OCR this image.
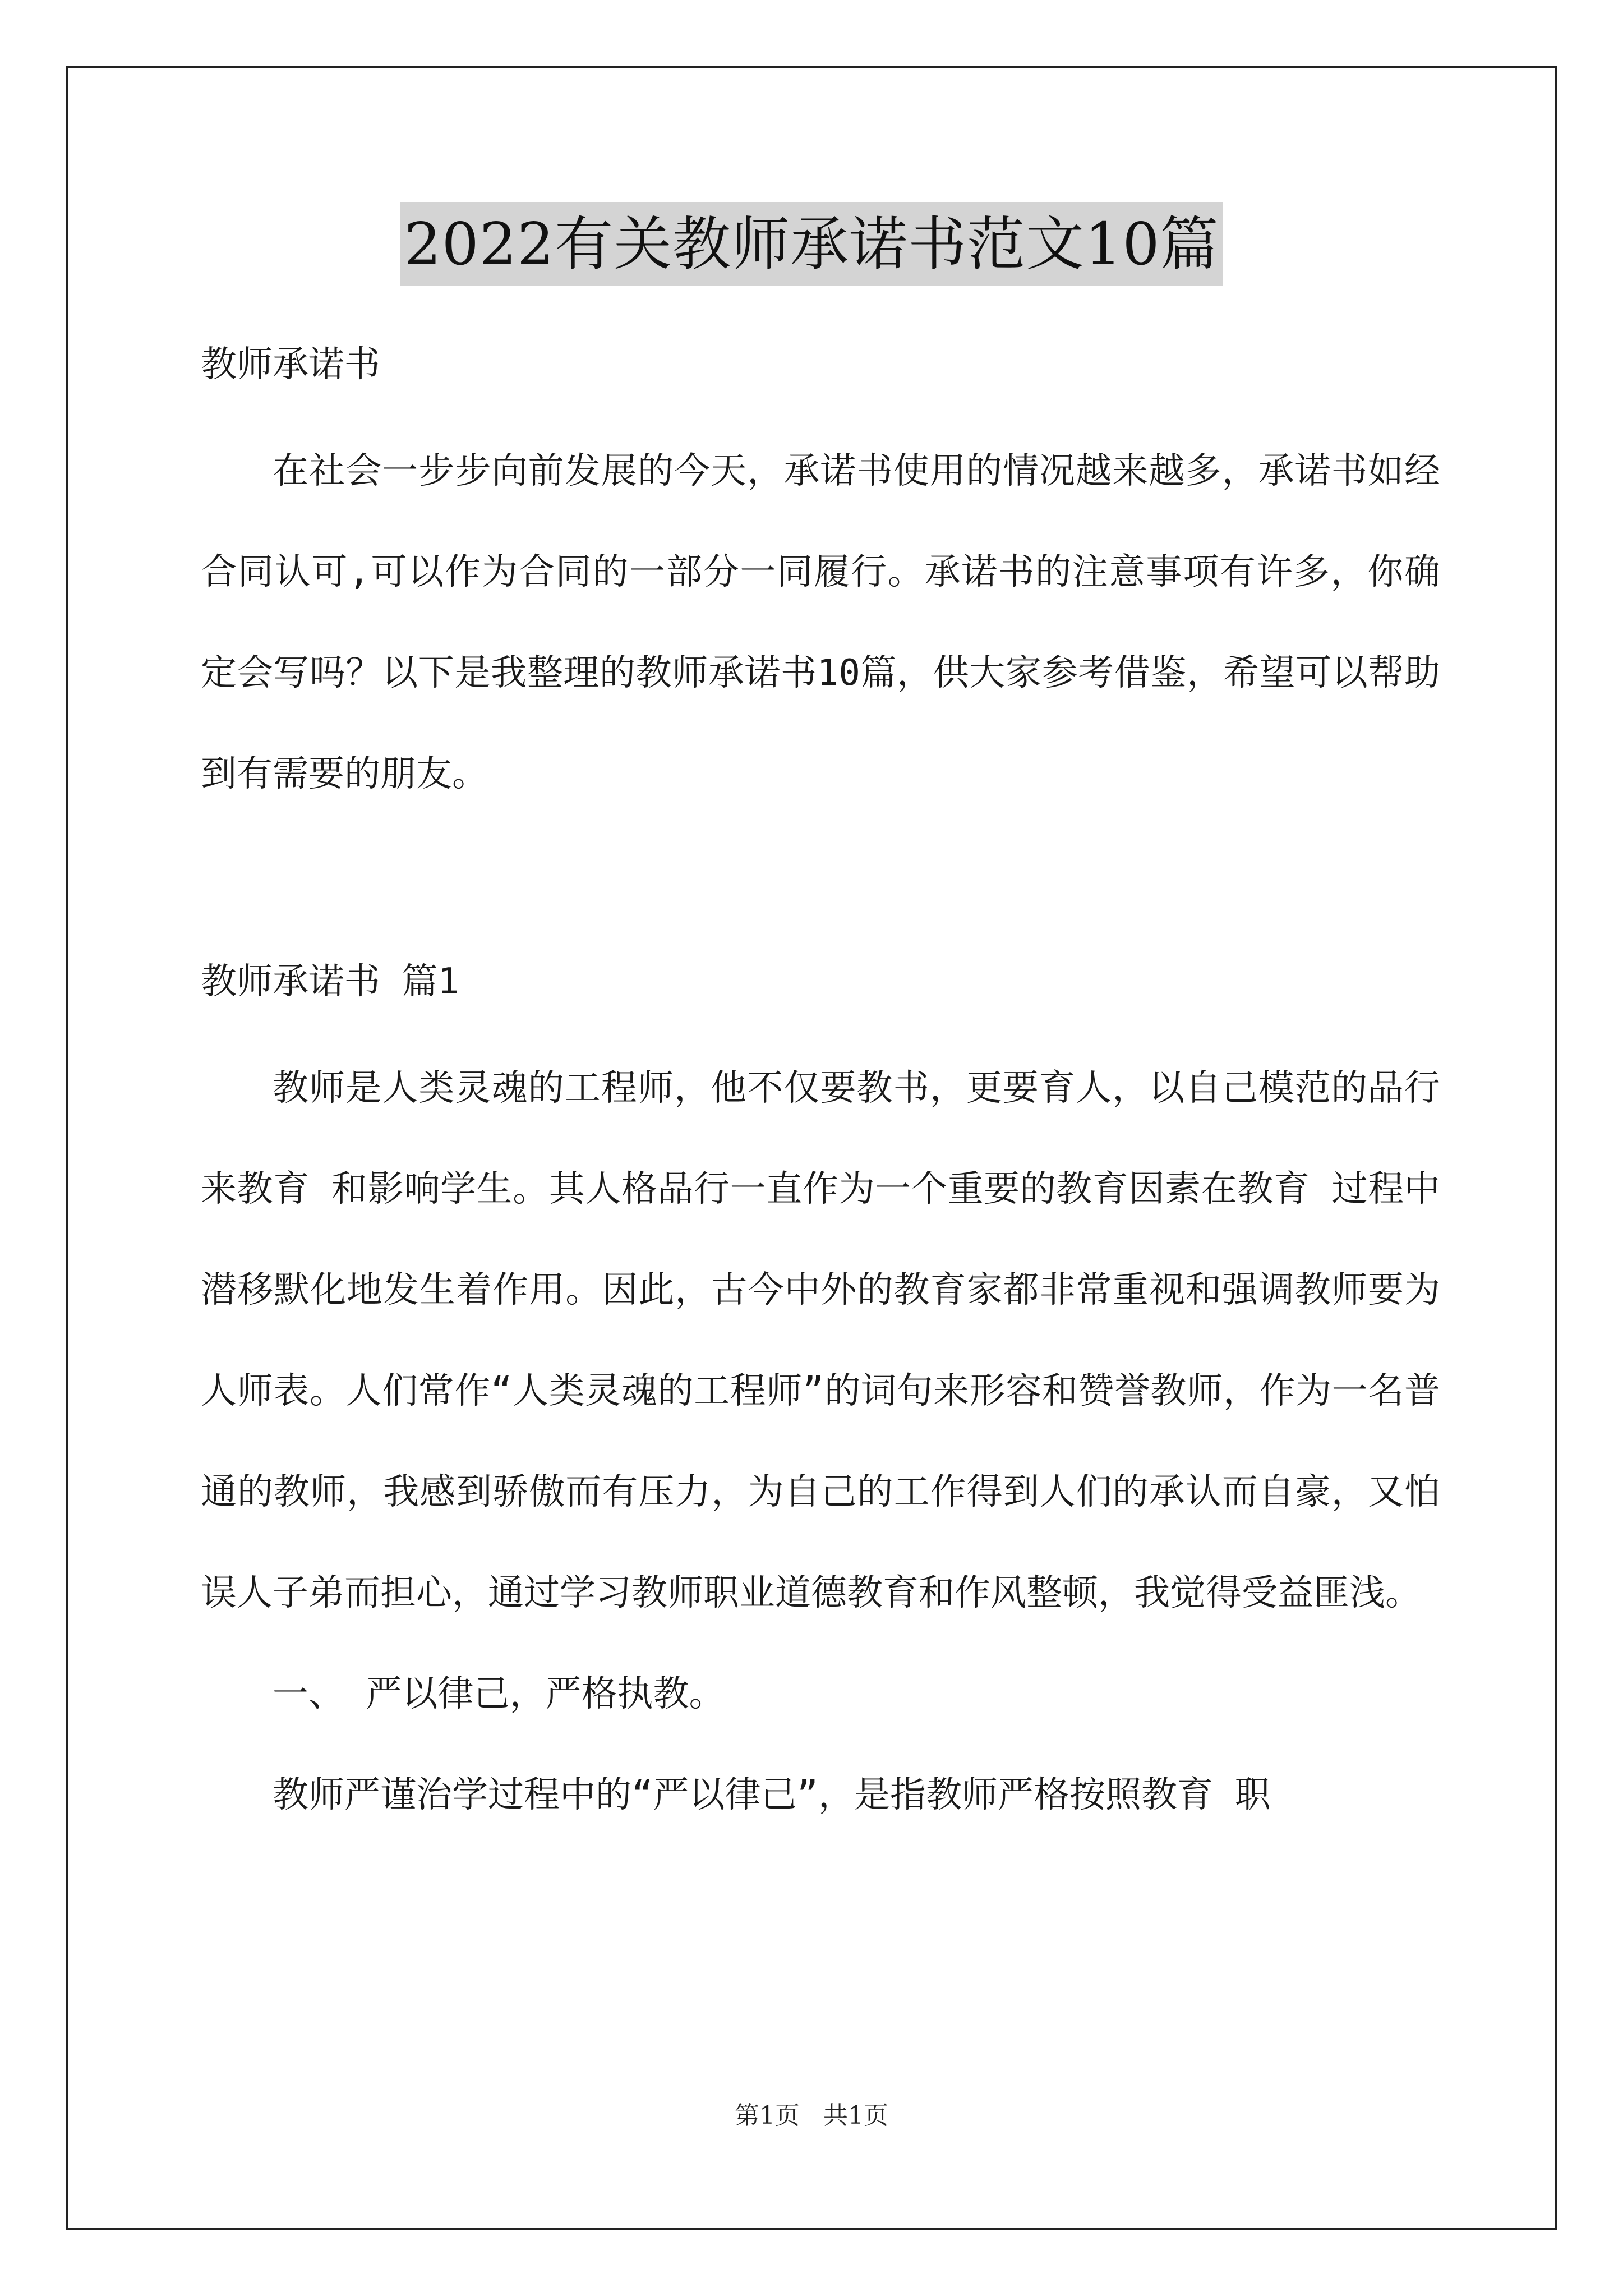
2022有关教师承诺书范文10篇

教师承诺书

在社会一步步向前发展的今天，承诺书使用的情况越来越多，承诺书如经合同认可,可以作为合同的一部分一同履行。承诺书的注意事项有许多，你确定会写吗？以下是我整理的教师承诺书10篇，供大家参考借鉴，希望可以帮助到有需要的朋友。

教师承诺书 篇1

教师是人类灵魂的工程师，他不仅要教书，更要育人，以自己模范的品行来教育 和影响学生。其人格品行一直作为一个重要的教育因素在教育 过程中潜移默化地发生着作用。因此，古今中外的教育家都非常重视和强调教师要为人师表。人们常作“人类灵魂的工程师”的词句来形容和赞誉教师，作为一名普通的教师，我感到骄傲而有压力，为自己的工作得到人们的承认而自豪，又怕误人子弟而担心，通过学习教师职业道德教育和作风整顿，我觉得受益匪浅。

一、 严以律己，严格执教。

教师严谨治学过程中的“严以律己”，是指教师严格按照教育 职

第1页   共1页
